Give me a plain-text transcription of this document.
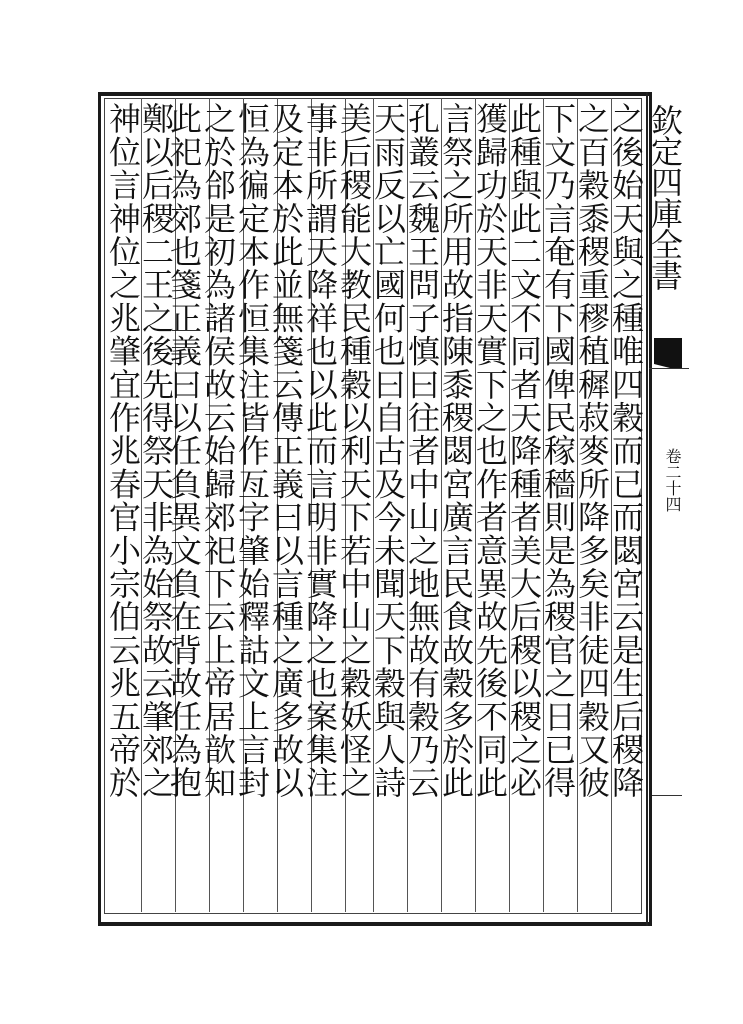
之後始天與之種唯四穀而已而閟宮云是生后稷降
之百穀黍稷重穋稙穉菽麥所降多矣非徒四穀又彼
下文乃言奄有下國俾民稼穡則是為稷官之日已得
此種與此二文不同者天降種者美大后稷以稷之必
獲歸功於天非天實下之也作者意異故先後不同此
言祭之所用故指陳黍稷閟宮廣言民食故穀多於此
孔叢云魏王問子慎曰往者中山之地無故有穀乃云
天雨反以亡國何也曰自古及今未聞天下穀與人詩
美后稷能大教民種穀以利天下若中山之穀妖怪之
事非所謂天降祥也以此而言明非實降之也案集注
及定本於此並無箋云傳正義曰以言種之廣多故以
恒為徧定本作恒集注皆作亙字肇始釋詁文上言封
之於郃是初為諸侯故云始歸郊祀下云上帝居歆知
此祀為郊也箋正義曰以任負異文負在背故任為抱
鄭以后稷二王之後先得祭天非為始祭故云肇郊之
神位言神位之兆肇宜作兆春官小宗伯云兆五帝於	欽定四庫全書
卷二十四
